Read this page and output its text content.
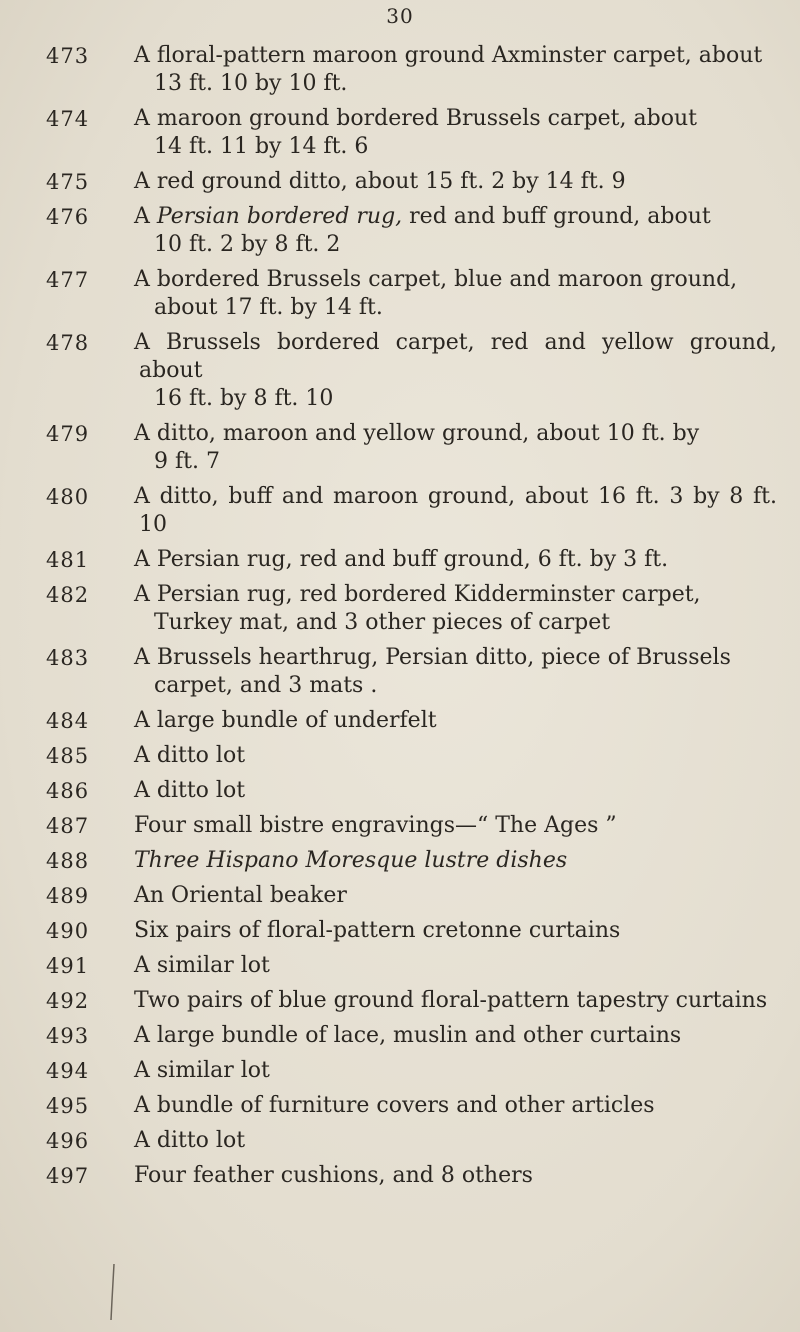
30
473	A floral-pattern maroon ground Axminster carpet, about
13 ft. 10 by 10 ft.
474	A maroon ground bordered Brussels carpet, about
14 ft. 11 by 14 ft. 6
475	A red ground ditto, about 15 ft. 2 by 14 ft. 9
476	A Persian bordered rug, red and buff ground, about
10 ft. 2 by 8 ft. 2
477	A bordered Brussels carpet, blue and maroon ground,
about 17 ft. by 14 ft.
478	A Brussels bordered carpet, red and yellow ground, about
16 ft. by 8 ft. 10
479	A ditto, maroon and yellow ground, about 10 ft. by
9 ft. 7
480	A ditto, buff and maroon ground, about 16 ft. 3 by 8 ft. 10
481	A Persian rug, red and buff ground, 6 ft. by 3 ft.
482	A Persian rug, red bordered Kidderminster carpet,
Turkey mat, and 3 other pieces of carpet
483	A Brussels hearthrug, Persian ditto, piece of Brussels
carpet, and 3 mats .
484	A large bundle of underfelt
485	A ditto lot
486	A ditto lot
487	Four small bistre engravings—“ The Ages ”
488	Three Hispano Moresque lustre dishes
489	An Oriental beaker
490	Six pairs of floral-pattern cretonne curtains
491	A similar lot
492	Two pairs of blue ground floral-pattern tapestry curtains
493	A large bundle of lace, muslin and other curtains
494	A similar lot
495	A bundle of furniture covers and other articles
496	A ditto lot
497	Four feather cushions, and 8 others
